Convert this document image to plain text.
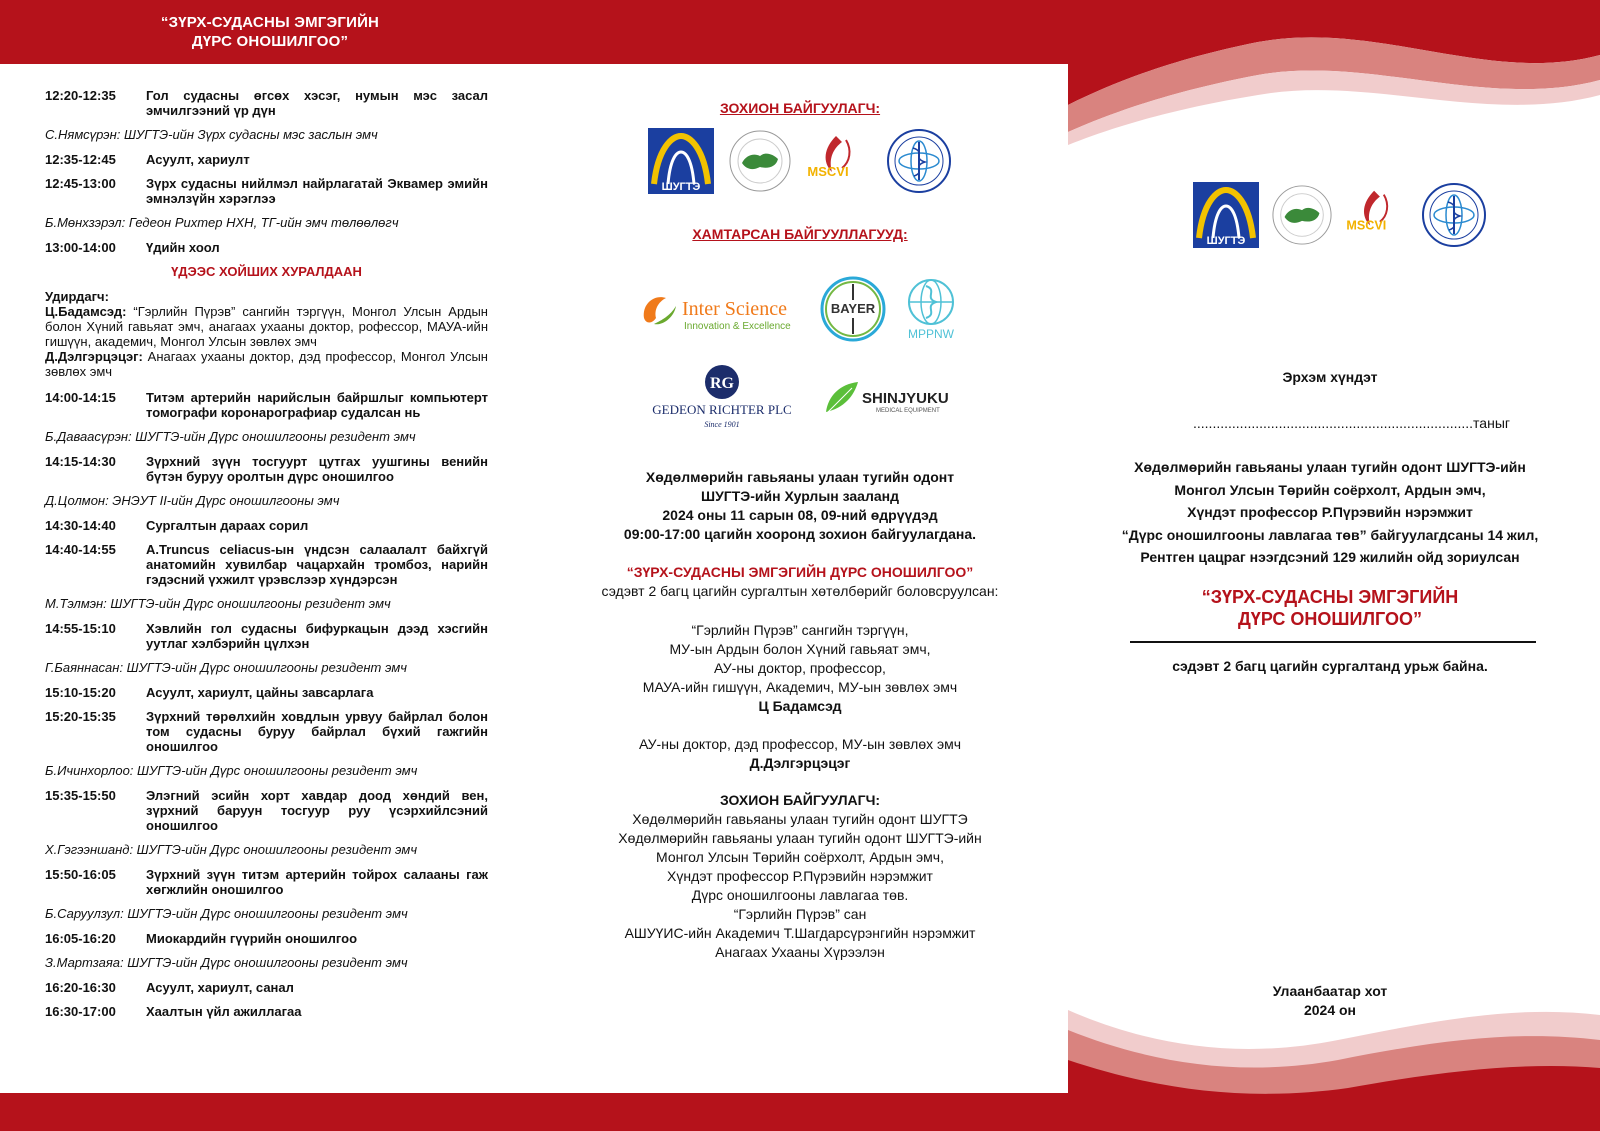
“ЗҮРХ-СУДАСНЫ ЭМГЭГИЙН
ДҮРС ОНОШИЛГОО”
12:20-12:35	Гол судасны өгсөх хэсэг, нумын мэс засал эмчилгээний үр дүн
С.Нямсүрэн: ШУГТЭ-ийн Зүрх судасны мэс заслын эмч
12:35-12:45	Асуулт, хариулт
12:45-13:00	Зүрх судасны нийлмэл найрлагатай Эквамер эмийн эмнэлзүйн хэрэглээ
Б.Мөнхзэрэл: Гедеон Рихтер НХН, ТГ-ийн эмч төлөөлөгч
13:00-14:00	Үдийн хоол
ҮДЭЭС ХОЙШИХ ХУРАЛДААН
Удирдагч:
Ц.Бадамсэд: “Гэрлийн Пүрэв” сангийн тэргүүн, Монгол Улсын Ардын болон Хүний гавьяат эмч, анагаах ухааны доктор, рофессор, МАУА-ийн гишүүн, академич, Монгол Улсын зөвлөх эмч
Д.Дэлгэрцэцэг: Анагаах ухааны доктор, дэд профессор, Монгол Улсын зөвлөх эмч
14:00-14:15	Титэм артерийн нарийслын байршлыг компьютерт томографи коронарографиар судалсан нь
Б.Даваасүрэн: ШУГТЭ-ийн Дүрс оношилгооны резидент эмч
14:15-14:30	Зүрхний зүүн тосгуурт цутгах уушгины венийн бүтэн буруу оролтын дүрс оношилгоо
Д.Цолмон: ЭНЭУТ II-ийн Дүрс оношилгооны эмч
14:30-14:40	Сургалтын дараах сорил
14:40-14:55	A.Truncus celiacus-ын үндсэн салаалалт байхгүй анатомийн хувилбар чацархайн тромбоз, нарийн гэдэсний үхжилт үрэвслээр хүндэрсэн
М.Тэлмэн: ШУГТЭ-ийн Дүрс оношилгооны резидент эмч
14:55-15:10	Хэвлийн гол судасны бифуркацын дээд хэсгийн уутлаг хэлбэрийн цүлхэн
Г.Баяннасан: ШУГТЭ-ийн Дүрс оношилгооны резидент эмч
15:10-15:20	Асуулт, хариулт, цайны завсарлага
15:20-15:35	Зүрхний төрөлхийн ховдлын урвуу байрлал болон том судасны буруу байрлал бүхий гажгийн оношилгоо
Б.Ичинхорлоо: ШУГТЭ-ийн Дүрс оношилгооны резидент эмч
15:35-15:50	Элэгний эсийн хорт хавдар доод хөндий вен, зүрхний баруун тосгуур руу үсэрхийлсэний оношилгоо
Х.Гэгээншанд: ШУГТЭ-ийн Дүрс оношилгооны резидент эмч
15:50-16:05	Зүрхний зүүн титэм артерийн тойрох салааны гаж хөгжлийн оношилгоо
Б.Саруулзул: ШУГТЭ-ийн Дүрс оношилгооны резидент эмч
16:05-16:20	Миокардийн гүүрийн оношилгоо
З.Мартзаяа: ШУГТЭ-ийн Дүрс оношилгооны резидент эмч
16:20-16:30	Асуулт, хариулт, санал
16:30-17:00	Хаалтын үйл ажиллагаа
ЗОХИОН БАЙГУУЛАГЧ:
ШУГТЭ
MSCVI
ХАМТАРСАН БАЙГУУЛЛАГУУД:
Inter Science
Innovation & Excellence
BAYER
MPPNW
RG
GEDEON RICHTER PLC
Since 1901
SHINJYUKU
MEDICAL EQUIPMENT
Хөдөлмөрийн гавьяаны улаан тугийн одонт
ШУГТЭ-ийн Хурлын зааланд
2024 оны 11 сарын 08, 09-ний өдрүүдэд
09:00-17:00 цагийн хооронд зохион байгуулагдана.
“ЗҮРХ-СУДАСНЫ ЭМГЭГИЙН ДҮРС ОНОШИЛГОО”
сэдэвт 2 багц цагийн сургалтын хөтөлбөрийг боловсруулсан:
“Гэрлийн Пүрэв” сангийн тэргүүн,
МУ-ын Ардын болон Хүний гавьяат эмч,
АУ-ны доктор, профессор,
МАУА-ийн гишүүн, Академич, МУ-ын зөвлөх эмч
Ц Бадамсэд
АУ-ны доктор, дэд профессор, МУ-ын зөвлөх эмч
Д.Дэлгэрцэцэг
ЗОХИОН БАЙГУУЛАГЧ:
Хөдөлмөрийн гавьяаны улаан тугийн одонт ШУГТЭ
Хөдөлмөрийн гавьяаны улаан тугийн одонт ШУГТЭ-ийн
Монгол Улсын Төрийн соёрхолт, Ардын эмч,
Хүндэт профессор Р.Пүрэвийн нэрэмжит
Дүрс оношилгооны лавлагаа төв.
“Гэрлийн Пүрэв” сан
АШУҮИС-ийн Академич Т.Шагдарсүрэнгийн нэрэмжит
Анагаах Ухааны Хүрээлэн
ШУГТЭ
MSCVI
Эрхэм хүндэт
........................................................................таныг
Хөдөлмөрийн гавьяаны улаан тугийн одонт ШУГТЭ-ийн
Монгол Улсын Төрийн соёрхолт, Ардын эмч,
Хүндэт профессор Р.Пүрэвийн нэрэмжит
“Дүрс оношилгооны лавлагаа төв” байгуулагдсаны 14 жил,
Рентген цацраг нээгдсэний 129 жилийн ойд зориулсан
“ЗҮРХ-СУДАСНЫ ЭМГЭГИЙН
ДҮРС ОНОШИЛГОО”
сэдэвт 2 багц цагийн сургалтанд урьж байна.
Улаанбаатар хот
2024 он
